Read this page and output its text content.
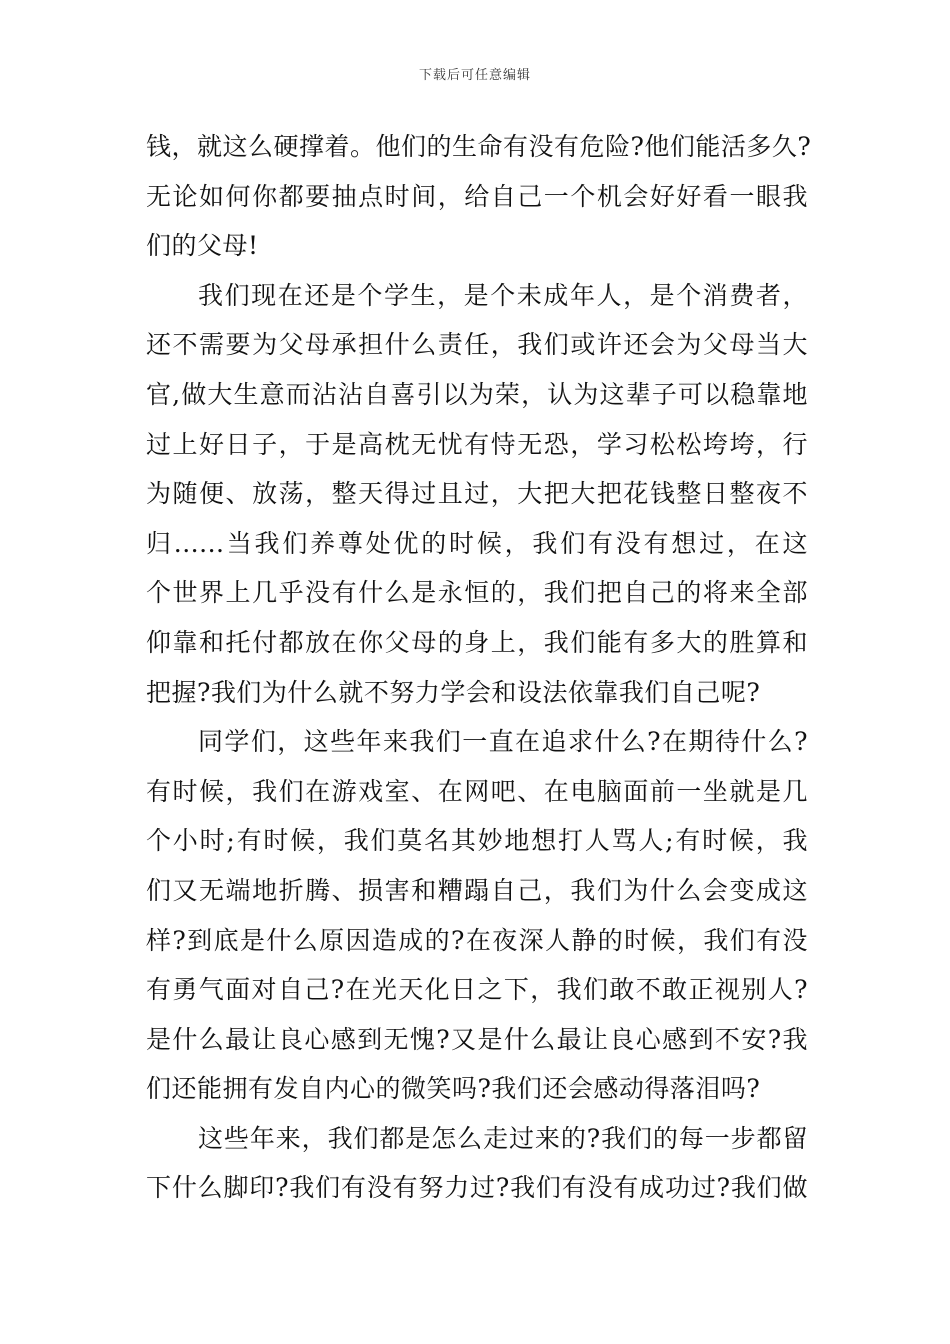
下载后可任意编辑
钱，就这么硬撑着。他们的生命有没有危险?他们能活多久?
无论如何你都要抽点时间，给自己一个机会好好看一眼我
们的父母!
我们现在还是个学生，是个未成年人，是个消费者，
还不需要为父母承担什么责任，我们或许还会为父母当大
官,做大生意而沾沾自喜引以为荣，认为这辈子可以稳靠地
过上好日子，于是高枕无忧有恃无恐，学习松松垮垮，行
为随便、放荡，整天得过且过，大把大把花钱整日整夜不
归......当我们养尊处优的时候，我们有没有想过，在这
个世界上几乎没有什么是永恒的，我们把自己的将来全部
仰靠和托付都放在你父母的身上，我们能有多大的胜算和
把握?我们为什么就不努力学会和设法依靠我们自己呢?
同学们，这些年来我们一直在追求什么?在期待什么?
有时候，我们在游戏室、在网吧、在电脑面前一坐就是几
个小时;有时候，我们莫名其妙地想打人骂人;有时候，我
们又无端地折腾、损害和糟蹋自己，我们为什么会变成这
样?到底是什么原因造成的?在夜深人静的时候，我们有没
有勇气面对自己?在光天化日之下，我们敢不敢正视别人?
是什么最让良心感到无愧?又是什么最让良心感到不安?我
们还能拥有发自内心的微笑吗?我们还会感动得落泪吗?
这些年来，我们都是怎么走过来的?我们的每一步都留
下什么脚印?我们有没有努力过?我们有没有成功过?我们做
